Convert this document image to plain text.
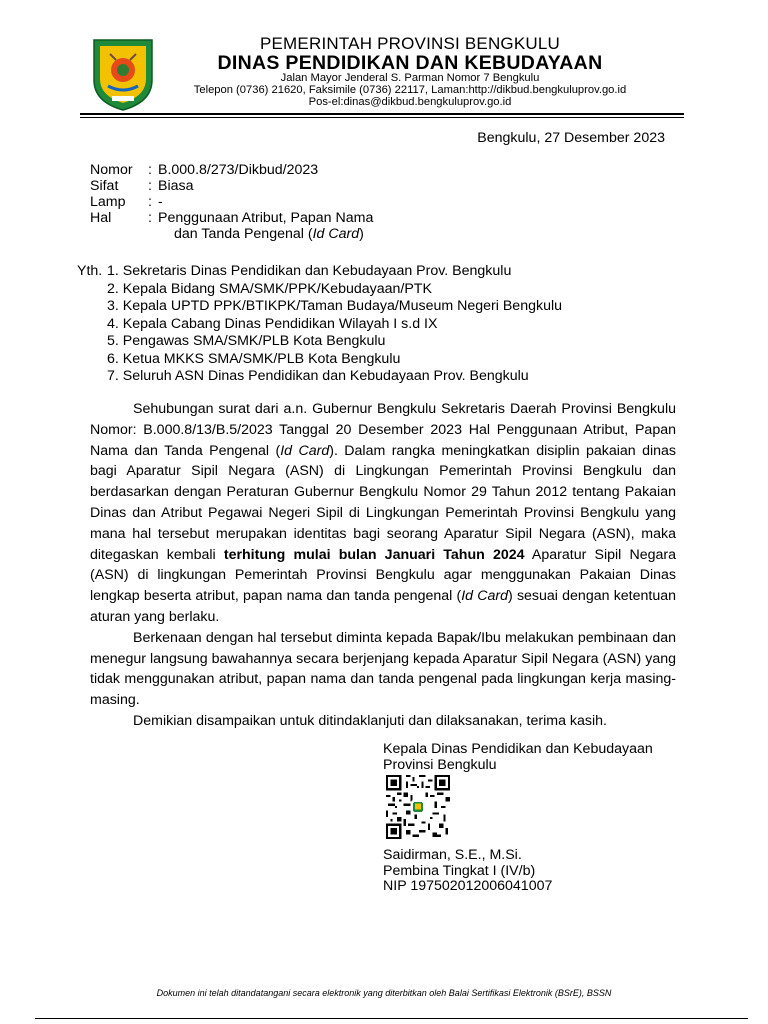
PEMERINTAH PROVINSI BENGKULU
DINAS PENDIDIKAN DAN KEBUDAYAAN
Jalan Mayor Jenderal S. Parman Nomor 7 Bengkulu
Telepon (0736) 21620, Faksimile (0736) 22117, Laman:http://dikbud.bengkuluprov.go.id
Pos-el:dinas@dikbud.bengkuluprov.go.id
Bengkulu, 27 Desember 2023
Nomor	: B.000.8/273/Dikbud/2023
Sifat	: Biasa
Lamp	: -
Hal	: Penggunaan Atribut, Papan Nama
dan Tanda Pengenal (Id Card)
Yth. 1. Sekretaris Dinas Pendidikan dan Kebudayaan Prov. Bengkulu
2. Kepala Bidang SMA/SMK/PPK/Kebudayaan/PTK
3. Kepala UPTD PPK/BTIKPK/Taman Budaya/Museum Negeri Bengkulu
4. Kepala Cabang Dinas Pendidikan Wilayah I s.d IX
5. Pengawas SMA/SMK/PLB Kota Bengkulu
6. Ketua MKKS SMA/SMK/PLB Kota Bengkulu
7. Seluruh ASN Dinas Pendidikan dan Kebudayaan Prov. Bengkulu

Sehubungan surat dari a.n. Gubernur Bengkulu Sekretaris Daerah Provinsi Bengkulu Nomor: B.000.8/13/B.5/2023 Tanggal 20 Desember 2023 Hal Penggunaan Atribut, Papan Nama dan Tanda Pengenal (Id Card). Dalam rangka meningkatkan disiplin pakaian dinas bagi Aparatur Sipil Negara (ASN) di Lingkungan Pemerintah Provinsi Bengkulu dan berdasarkan dengan Peraturan Gubernur Bengkulu Nomor 29 Tahun 2012 tentang Pakaian Dinas dan Atribut Pegawai Negeri Sipil di Lingkungan Pemerintah Provinsi Bengkulu yang mana hal tersebut merupakan identitas bagi seorang Aparatur Sipil Negara (ASN), maka ditegaskan kembali terhitung mulai bulan Januari Tahun 2024 Aparatur Sipil Negara (ASN) di lingkungan Pemerintah Provinsi Bengkulu agar menggunakan Pakaian Dinas lengkap beserta atribut, papan nama dan tanda pengenal (Id Card) sesuai dengan ketentuan aturan yang berlaku.

Berkenaan dengan hal tersebut diminta kepada Bapak/Ibu melakukan pembinaan dan menegur langsung bawahannya secara berjenjang kepada Aparatur Sipil Negara (ASN) yang tidak menggunakan atribut, papan nama dan tanda pengenal pada lingkungan kerja masing-masing.

Demikian disampaikan untuk ditindaklanjuti dan dilaksanakan, terima kasih.

Kepala Dinas Pendidikan dan Kebudayaan
Provinsi Bengkulu
Saidirman, S.E., M.Si.
Pembina Tingkat I (IV/b)
NIP 197502012006041007
Dokumen ini telah ditandatangani secara elektronik yang diterbitkan oleh Balai Sertifikasi Elektronik (BSrE), BSSN
